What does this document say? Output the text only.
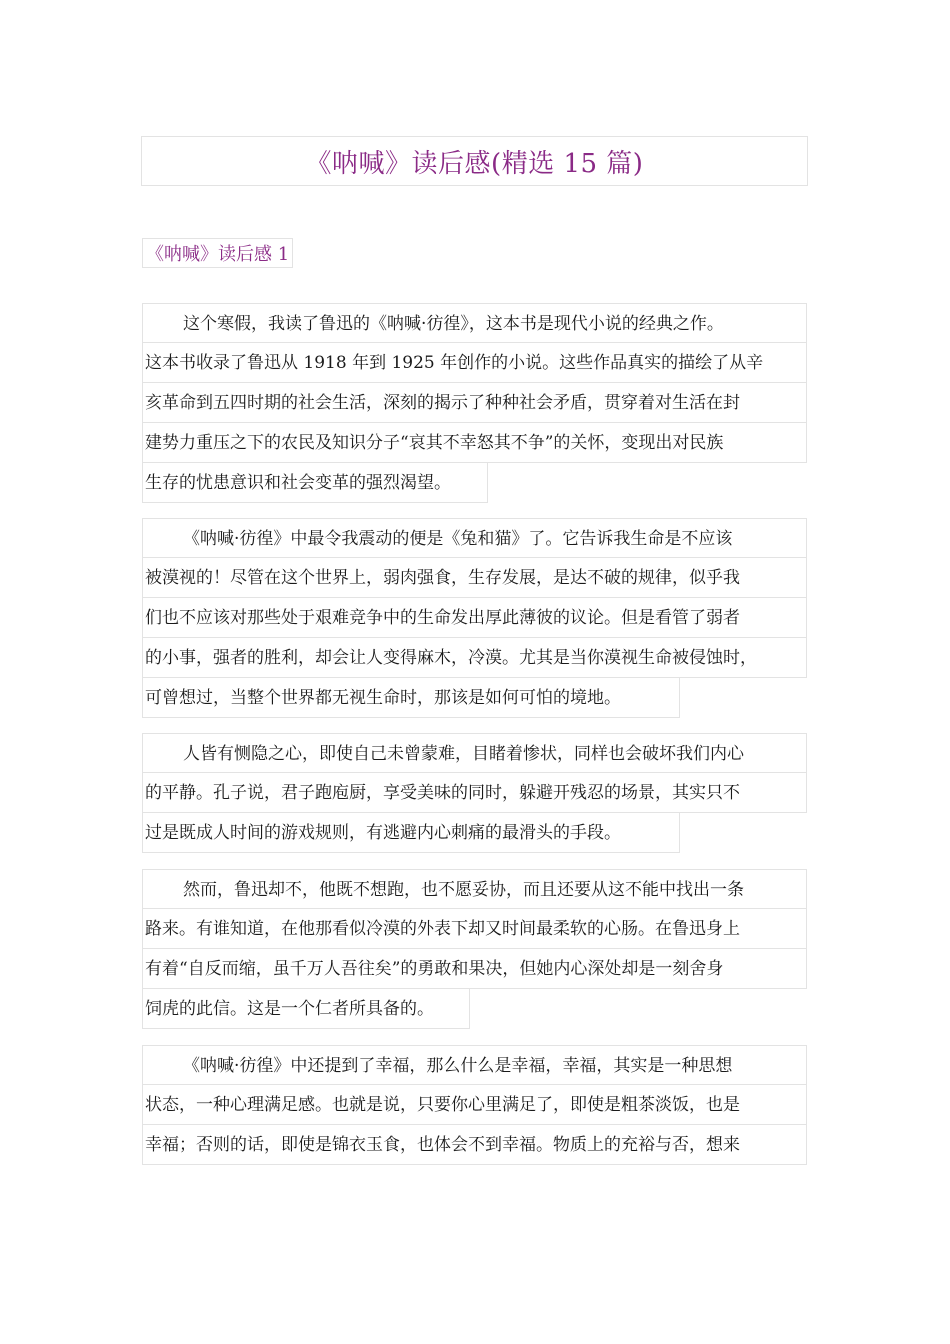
《呐喊》读后感(精选 15 篇)
《呐喊》读后感 1
这个寒假，我读了鲁迅的《呐喊·彷徨》，这本书是现代小说的经典之作。
这本书收录了鲁迅从 1918 年到 1925 年创作的小说。这些作品真实的描绘了从辛
亥革命到五四时期的社会生活，深刻的揭示了种种社会矛盾，贯穿着对生活在封
建势力重压之下的农民及知识分子“哀其不幸怒其不争”的关怀，变现出对民族
生存的忧患意识和社会变革的强烈渴望。
《呐喊·彷徨》中最令我震动的便是《兔和猫》了。它告诉我生命是不应该
被漠视的！尽管在这个世界上，弱肉强食，生存发展，是达不破的规律，似乎我
们也不应该对那些处于艰难竞争中的生命发出厚此薄彼的议论。但是看管了弱者
的小事，强者的胜利，却会让人变得麻木，冷漠。尤其是当你漠视生命被侵蚀时，
可曾想过，当整个世界都无视生命时，那该是如何可怕的境地。
人皆有恻隐之心，即使自己未曾蒙难，目睹着惨状，同样也会破坏我们内心
的平静。孔子说，君子跑庖厨，享受美味的同时，躲避开残忍的场景，其实只不
过是既成人时间的游戏规则，有逃避内心刺痛的最滑头的手段。
然而，鲁迅却不，他既不想跑，也不愿妥协，而且还要从这不能中找出一条
路来。有谁知道，在他那看似冷漠的外表下却又时间最柔软的心肠。在鲁迅身上
有着“自反而缩，虽千万人吾往矣”的勇敢和果决，但她内心深处却是一刻舍身
饲虎的此信。这是一个仁者所具备的。
《呐喊·彷徨》中还提到了幸福，那么什么是幸福，幸福，其实是一种思想
状态，一种心理满足感。也就是说，只要你心里满足了，即使是粗茶淡饭，也是
幸福；否则的话，即使是锦衣玉食，也体会不到幸福。物质上的充裕与否，想来
